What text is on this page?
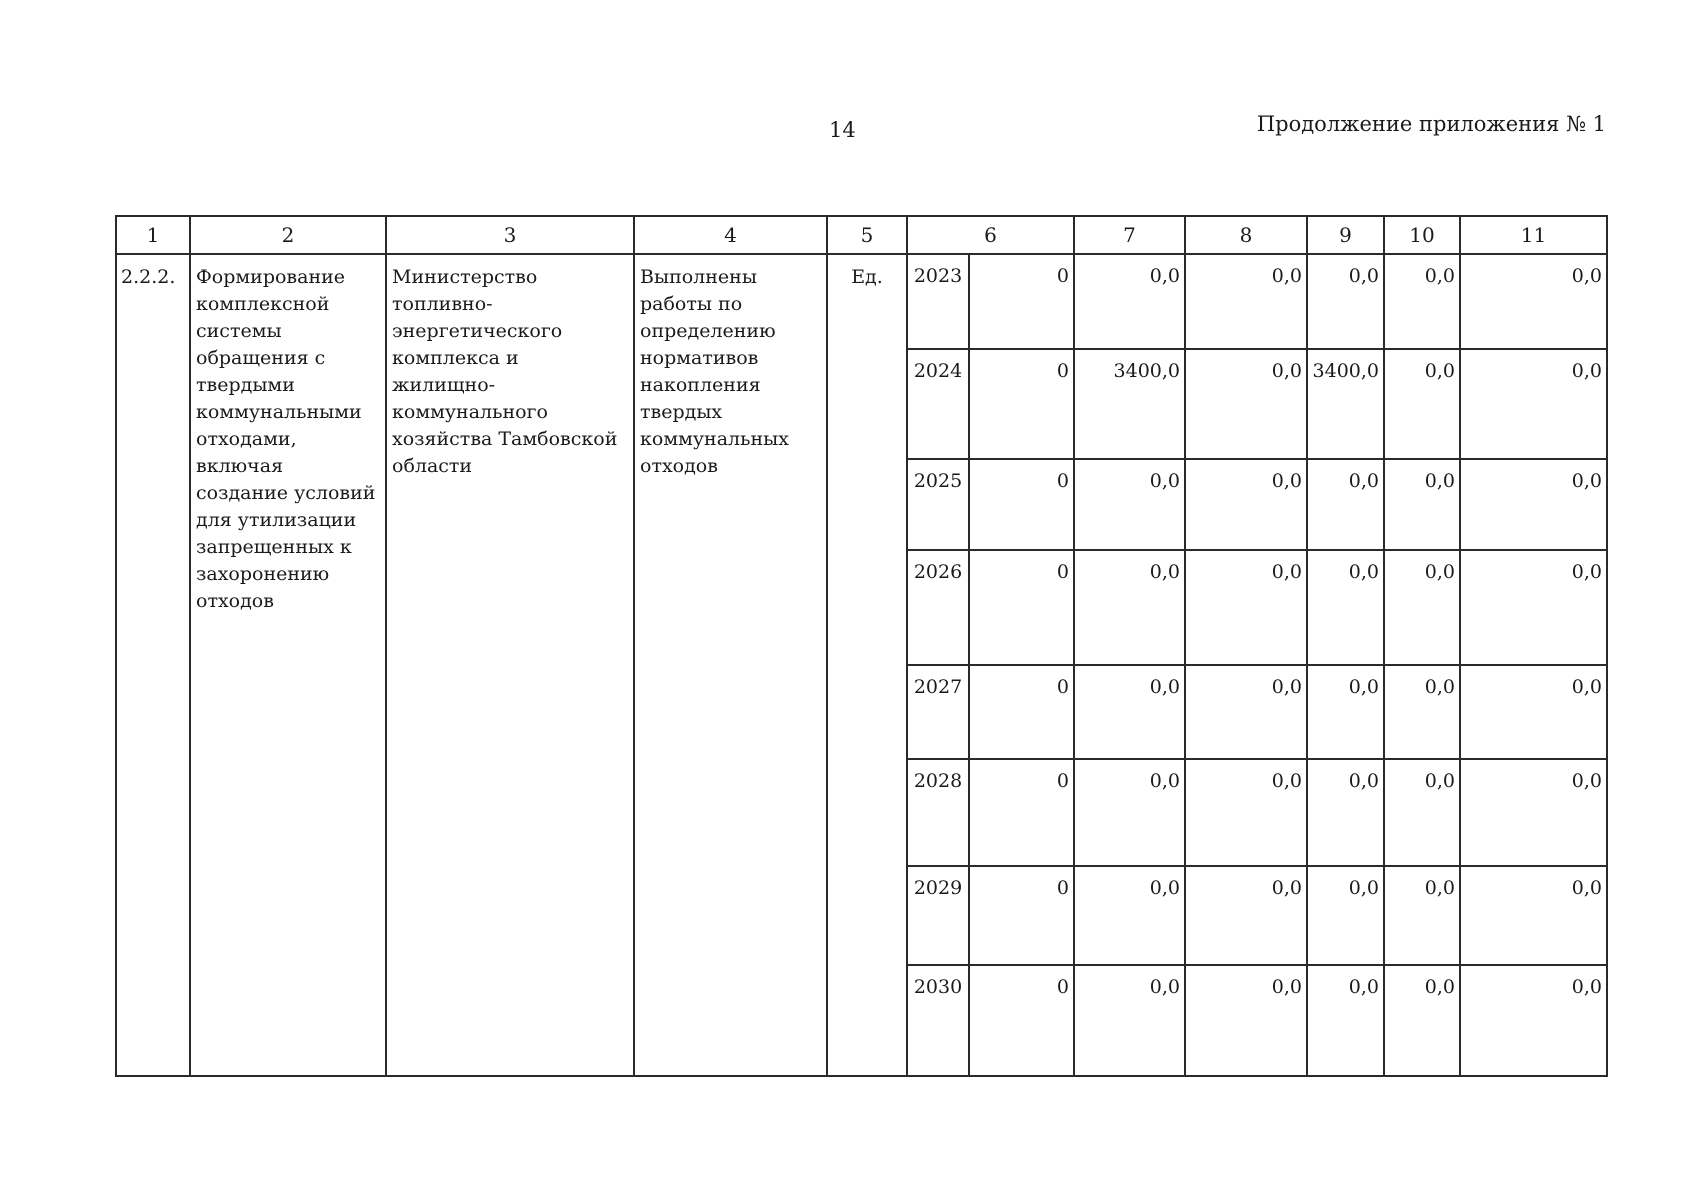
14	Продолжение приложения № 1
1	2	3	4	5	6		7	8	9	10	11
2.2.2.	Формирование комплексной системы обращения с твердыми коммунальными отходами, включая создание условий для утилизации запрещенных к захоронению отходов	Министерство топливно-энергетического комплекса и жилищно-коммунального хозяйства Тамбовской области	Выполнены работы по определению нормативов накопления твердых коммунальных отходов	Ед.	2023	0	0,0	0,0	0,0	0,0	0,0
					2024	0	3400,0	0,0	3400,0	0,0	0,0
					2025	0	0,0	0,0	0,0	0,0	0,0
					2026	0	0,0	0,0	0,0	0,0	0,0
					2027	0	0,0	0,0	0,0	0,0	0,0
					2028	0	0,0	0,0	0,0	0,0	0,0
					2029	0	0,0	0,0	0,0	0,0	0,0
					2030	0	0,0	0,0	0,0	0,0	0,0
